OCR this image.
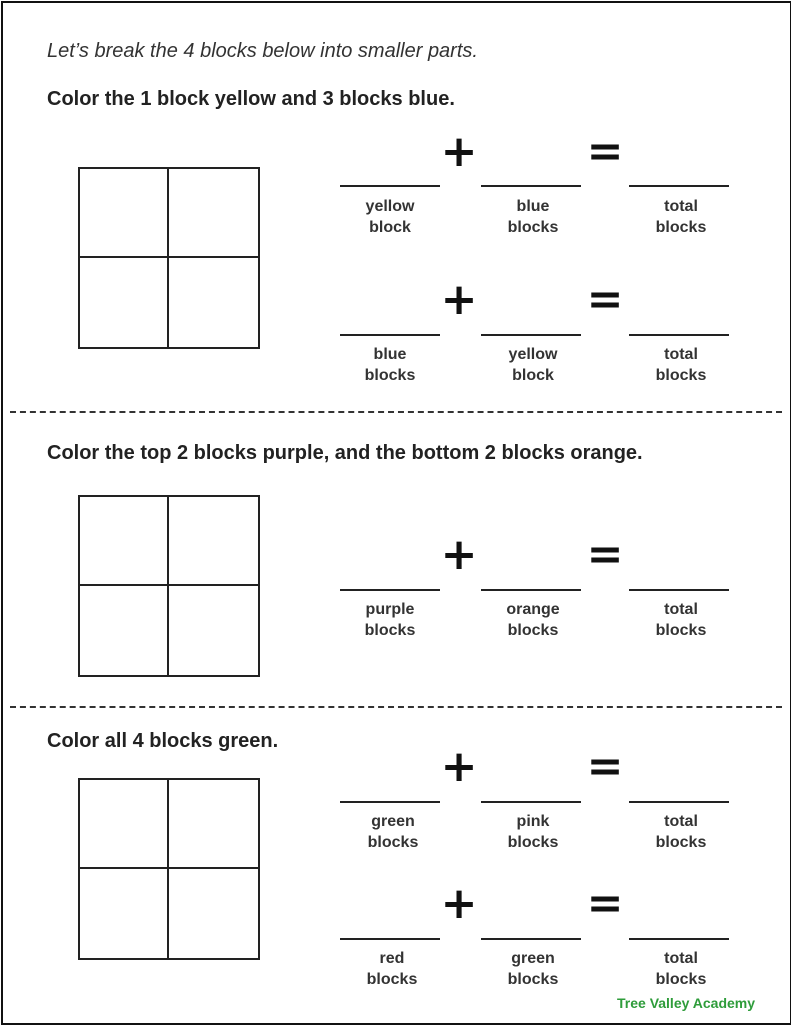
Let’s break the 4 blocks below into smaller parts.
Color the 1 block yellow and 3 blocks blue.
+ =
yellow
block
blue
blocks
total
blocks
+ =
blue
blocks
yellow
block
total
blocks
Color the top 2 blocks purple, and the bottom 2 blocks orange.
+ =
purple
blocks
orange
blocks
total
blocks
Color all 4 blocks green.	+ =
green
blocks
pink
blocks
total
blocks
+ =
red
blocks
green
blocks
total
blocks
Tree Valley Academy
